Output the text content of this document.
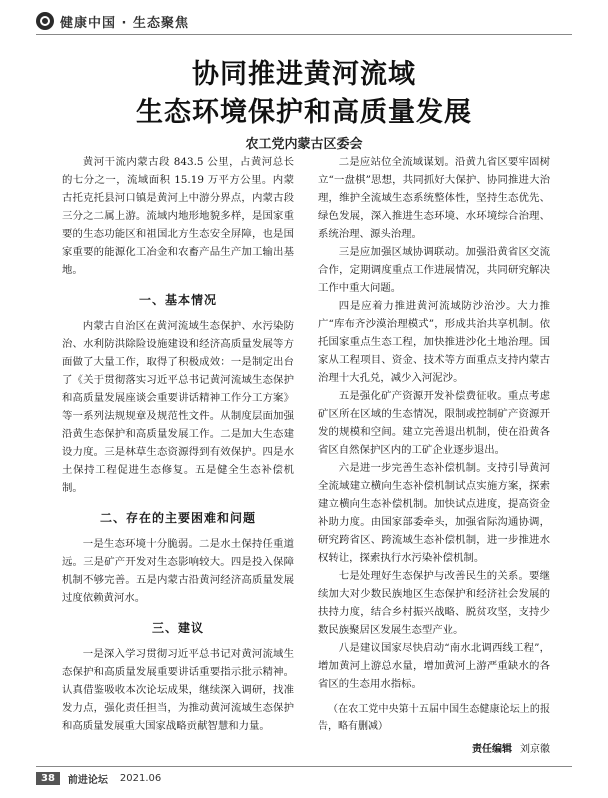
健康中国 · 生态聚焦
协同推进黄河流域
生态环境保护和高质量发展
农工党内蒙古区委会

黄河干流内蒙古段 843.5 公里，占黄河总长的七分之一，流域面积 15.19 万平方公里。内蒙古托克托县河口镇是黄河上中游分界点，内蒙古段三分之二属上游。流域内地形地貌多样，是国家重要的生态功能区和祖国北方生态安全屏障，也是国家重要的能源化工冶金和农畜产品生产加工输出基地。

一、基本情况

内蒙古自治区在黄河流域生态保护、水污染防治、水利防洪除险设施建设和经济高质量发展等方面做了大量工作，取得了积极成效：一是制定出台了《关于贯彻落实习近平总书记黄河流域生态保护和高质量发展座谈会重要讲话精神工作分工方案》等一系列法规规章及规范性文件。从制度层面加强沿黄生态保护和高质量发展工作。二是加大生态建设力度。三是林草生态资源得到有效保护。四是水土保持工程促进生态修复。五是健全生态补偿机制。

二、存在的主要困难和问题

一是生态环境十分脆弱。二是水土保持任重道远。三是矿产开发对生态影响较大。四是投入保障机制不够完善。五是内蒙古沿黄河经济高质量发展过度依赖黄河水。

三、建议

一是深入学习贯彻习近平总书记对黄河流域生态保护和高质量发展重要讲话重要指示批示精神。认真借鉴吸收本次论坛成果，继续深入调研，找准发力点，强化责任担当，为推动黄河流域生态保护和高质量发展重大国家战略贡献智慧和力量。

二是应站位全流域谋划。沿黄九省区要牢固树立“一盘棋”思想，共同抓好大保护、协同推进大治理，维护全流域生态系统整体性，坚持生态优先、绿色发展，深入推进生态环境、水环境综合治理、系统治理、源头治理。

三是应加强区域协调联动。加强沿黄省区交流合作，定期调度重点工作进展情况，共同研究解决工作中重大问题。

四是应着力推进黄河流域防沙治沙。大力推广“库布齐沙漠治理模式”，形成共治共享机制。依托国家重点生态工程，加快推进沙化土地治理。国家从工程项目、资金、技术等方面重点支持内蒙古治理十大孔兑，减少入河泥沙。

五是强化矿产资源开发补偿费征收。重点考虑矿区所在区域的生态情况，限制或控制矿产资源开发的规模和空间。建立完善退出机制，使在沿黄各省区自然保护区内的工矿企业逐步退出。

六是进一步完善生态补偿机制。支持引导黄河全流域建立横向生态补偿机制试点实施方案，探索建立横向生态补偿机制。加快试点进度，提高资金补助力度。由国家部委牵头，加强省际沟通协调，研究跨省区、跨流域生态补偿机制，进一步推进水权转让，探索执行水污染补偿机制。

七是处理好生态保护与改善民生的关系。要继续加大对少数民族地区生态保护和经济社会发展的扶持力度，结合乡村振兴战略、脱贫攻坚，支持少数民族聚居区发展生态型产业。

八是建议国家尽快启动“南水北调西线工程”，增加黄河上游总水量，增加黄河上游严重缺水的各省区的生态用水指标。

（在农工党中央第十五届中国生态健康论坛上的报告，略有删减）

责任编辑 刘京徽

38	前进论坛 2021.06
